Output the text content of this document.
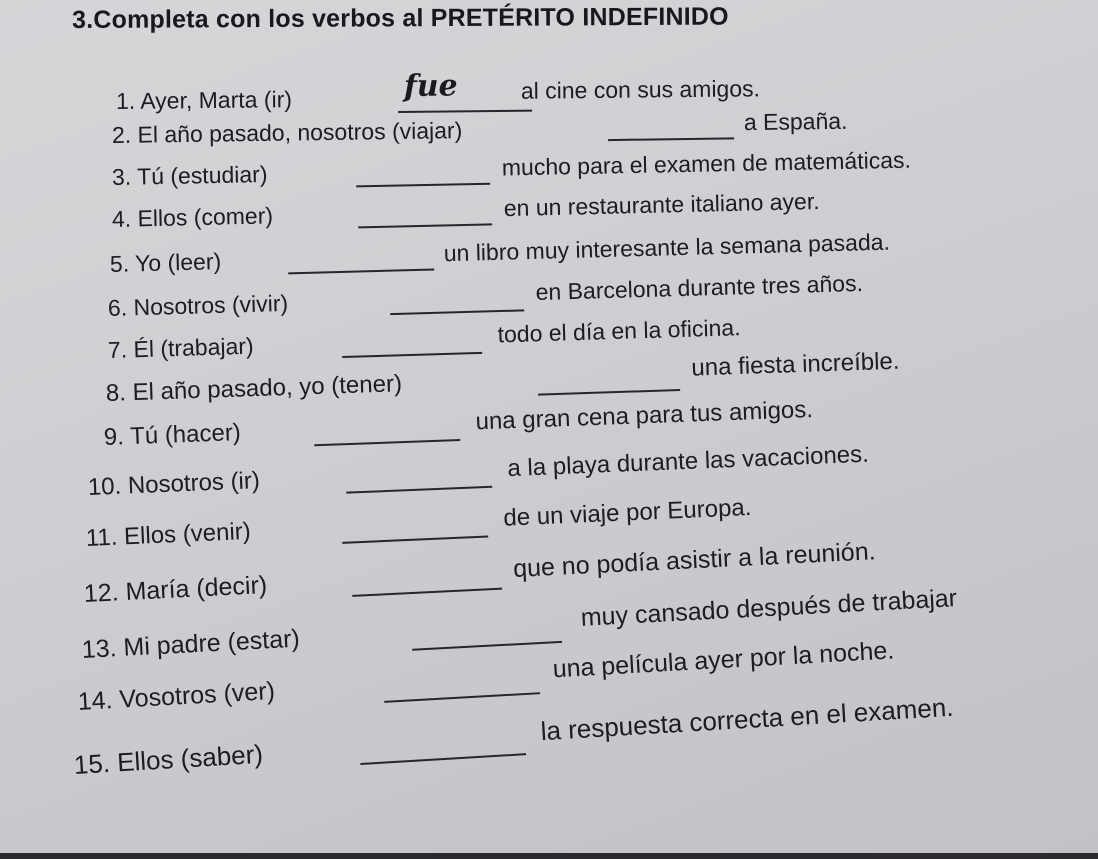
3.Completa con los verbos al PRETÉRITO INDEFINIDO
1. Ayer, Marta (ir)	fue	al cine con sus amigos.
2. El año pasado, nosotros (viajar)	a España.
3. Tú (estudiar)	mucho para el examen de matemáticas.
4. Ellos (comer)	en un restaurante italiano ayer.
5. Yo (leer)	un libro muy interesante la semana pasada.
6. Nosotros (vivir)
en Barcelona durante tres años.
7. Él (trabajar)
todo el día en la oficina.
8. El año pasado, yo (tener)
una fiesta increíble.
9. Tú (hacer)	una gran cena para tus amigos.
10. Nosotros (ir)
a la playa durante las vacaciones.
11. Ellos (venir)
de un viaje por Europa.
12. María (decir)
que no podía asistir a la reunión.
13. Mi padre (estar)
muy cansado después de trabajar
14. Vosotros (ver)
una película ayer por la noche.
15. Ellos (saber)
la respuesta correcta en el examen.
